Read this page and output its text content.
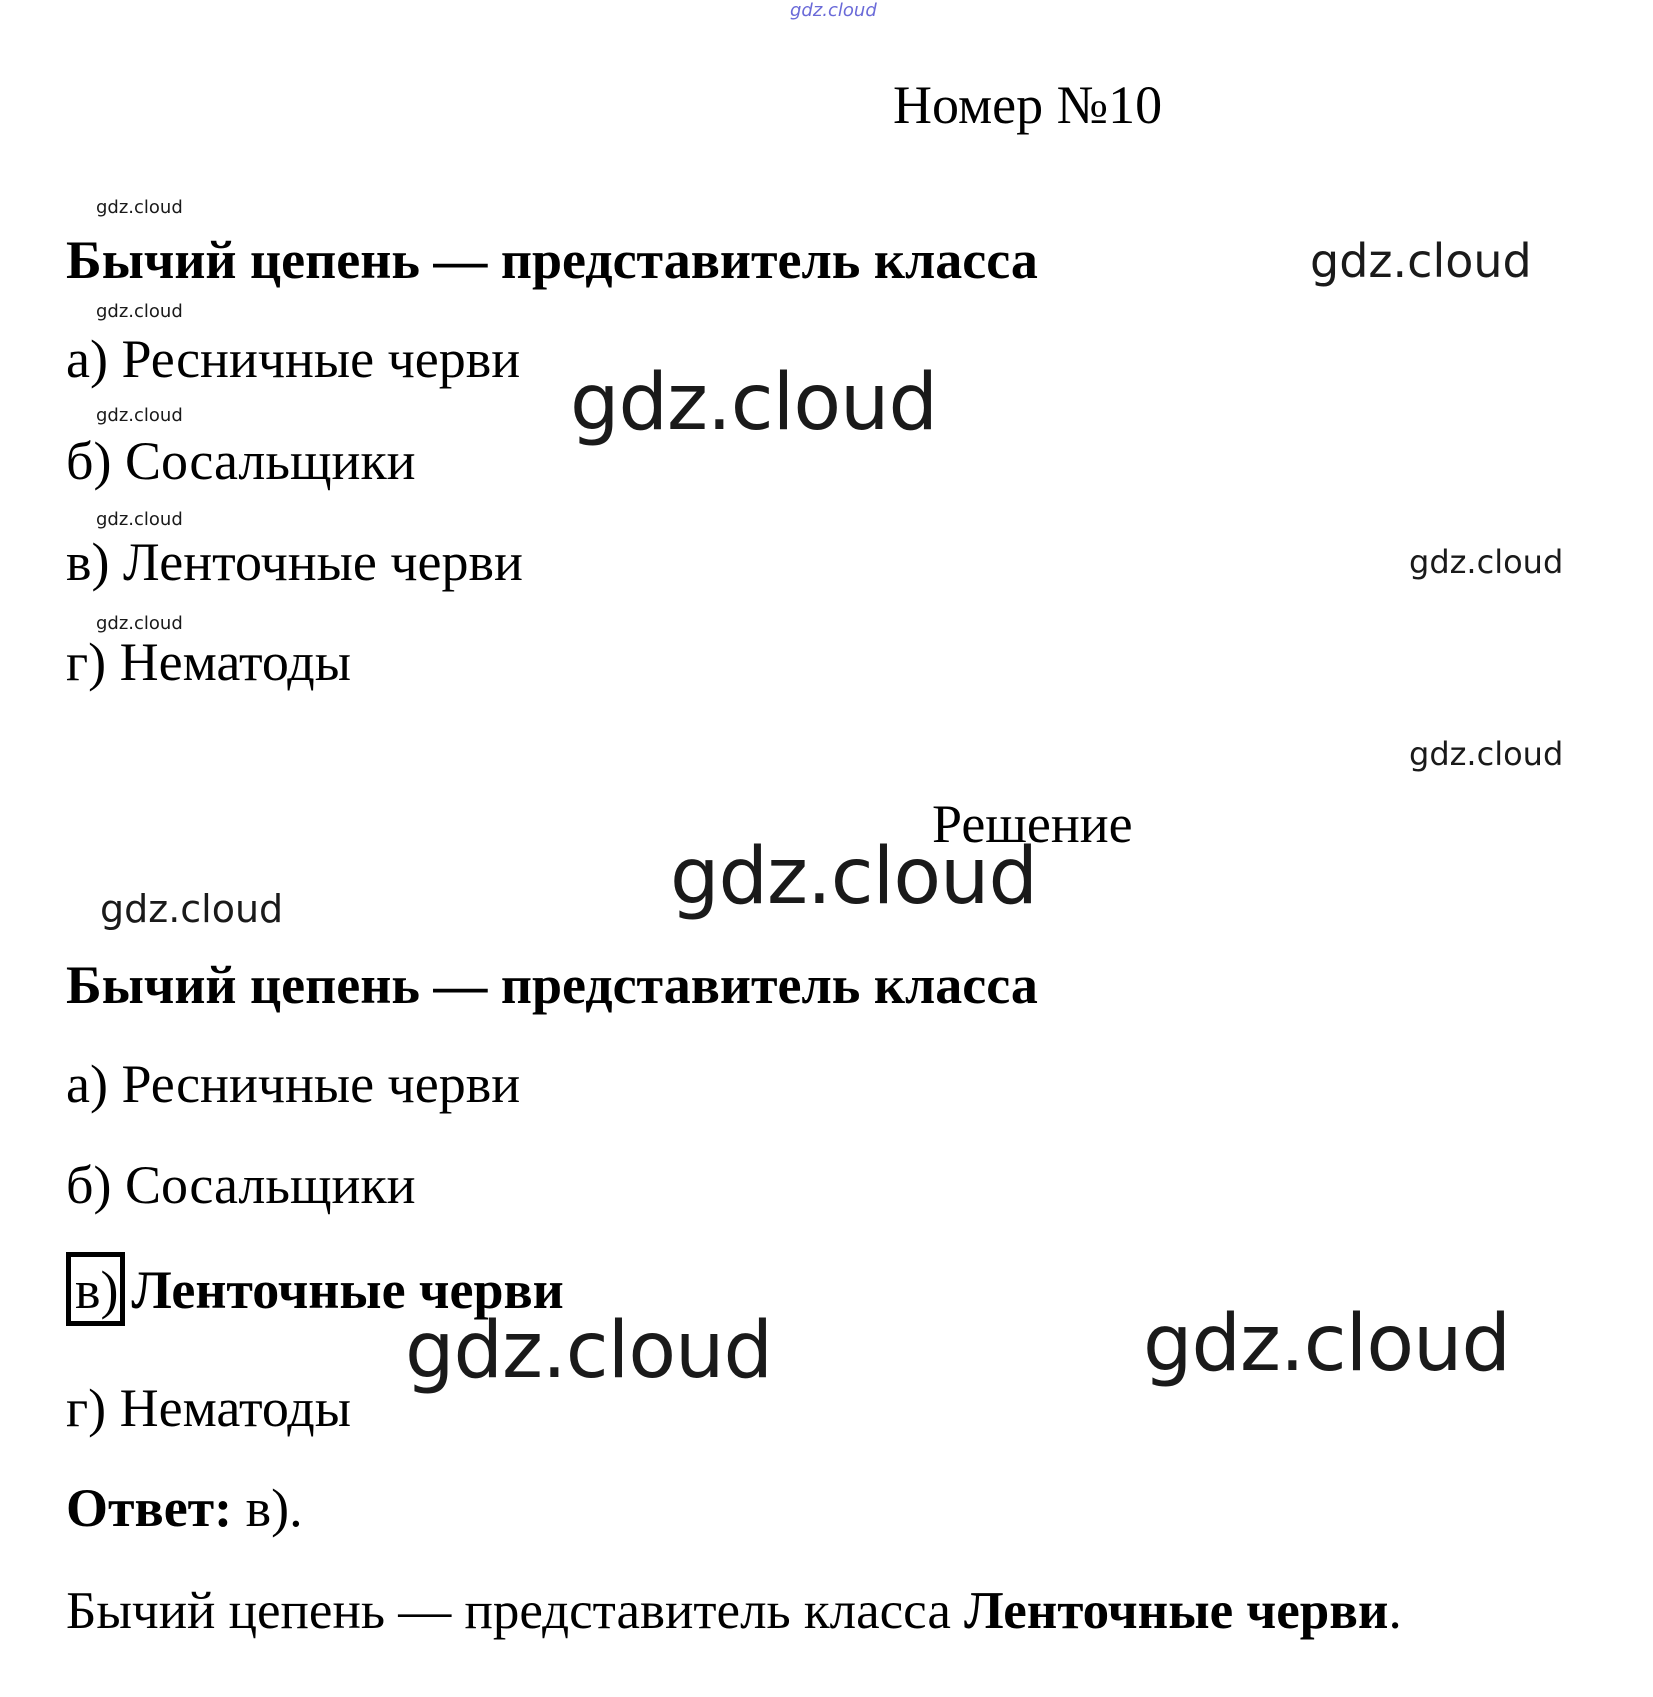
gdz.cloud
gdz.cloud
gdz.cloud
gdz.cloud
gdz.cloud
gdz.cloud
gdz.cloud
gdz.cloud
gdz.cloud
gdz.cloud
gdz.cloud
gdz.cloud
gdz.cloud	gdz.cloud
Номер №10
Бычий цепень — представитель класса
а) Ресничные черви
б) Сосальщики
в) Ленточные черви
г) Нематоды
Решение
Бычий цепень — представитель класса
а) Ресничные черви
б) Сосальщики
в) Ленточные черви
г) Нематоды
Ответ: в).
Бычий цепень — представитель класса Ленточные черви.
